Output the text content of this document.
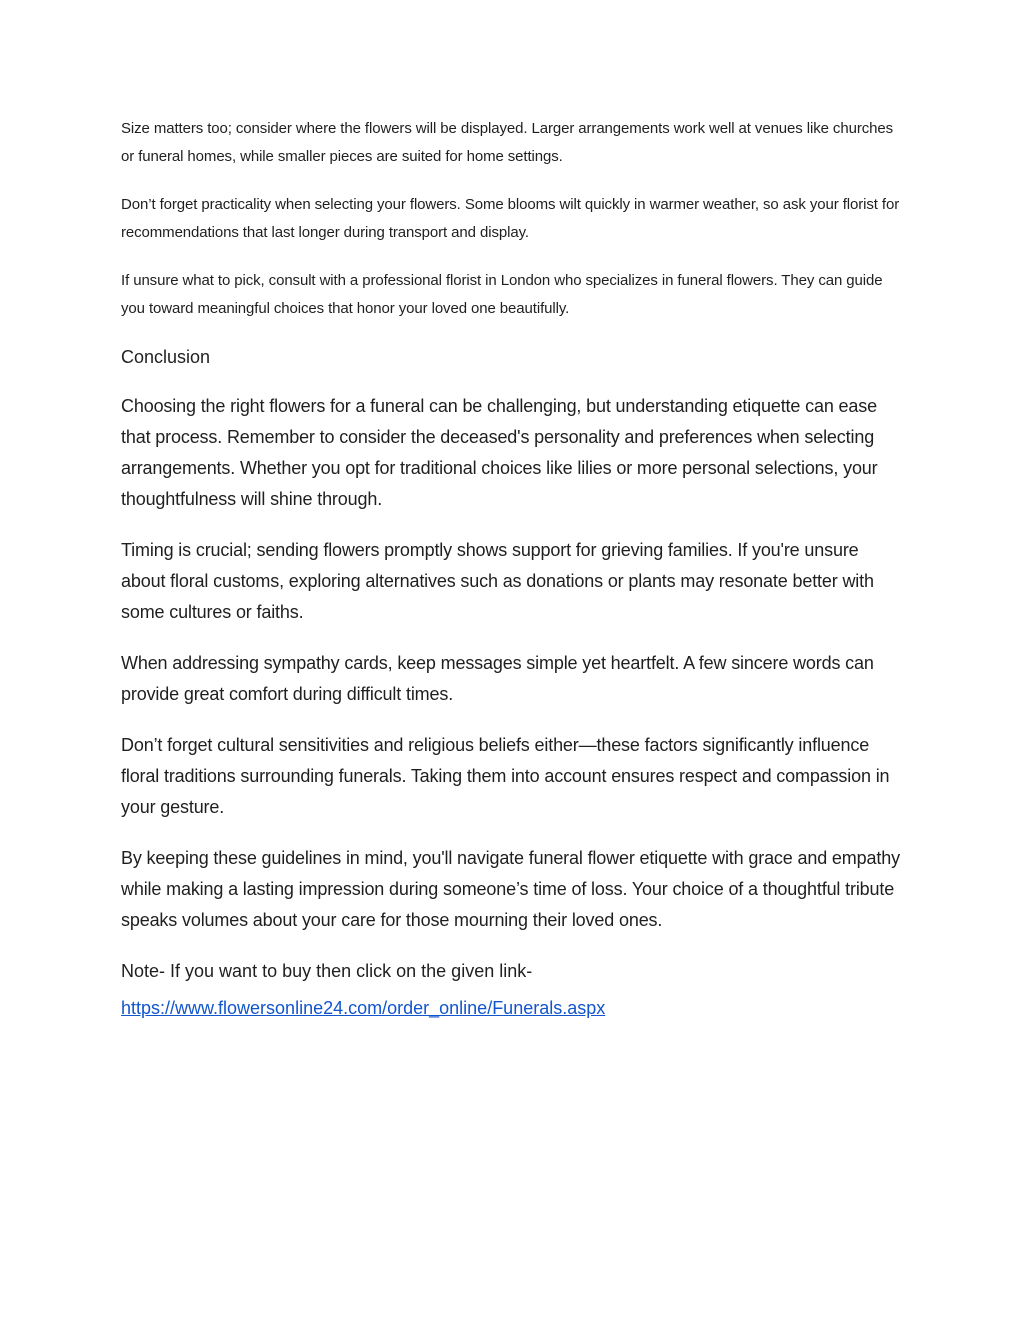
Size matters too; consider where the flowers will be displayed. Larger arrangements work well at venues like churches or funeral homes, while smaller pieces are suited for home settings.

Don’t forget practicality when selecting your flowers. Some blooms wilt quickly in warmer weather, so ask your florist for recommendations that last longer during transport and display.

If unsure what to pick, consult with a professional florist in London who specializes in funeral flowers. They can guide you toward meaningful choices that honor your loved one beautifully.

Conclusion

Choosing the right flowers for a funeral can be challenging, but understanding etiquette can ease that process. Remember to consider the deceased's personality and preferences when selecting arrangements. Whether you opt for traditional choices like lilies or more personal selections, your thoughtfulness will shine through.

Timing is crucial; sending flowers promptly shows support for grieving families. If you're unsure about floral customs, exploring alternatives such as donations or plants may resonate better with some cultures or faiths.

When addressing sympathy cards, keep messages simple yet heartfelt. A few sincere words can provide great comfort during difficult times.

Don’t forget cultural sensitivities and religious beliefs either—these factors significantly influence floral traditions surrounding funerals. Taking them into account ensures respect and compassion in your gesture.

By keeping these guidelines in mind, you'll navigate funeral flower etiquette with grace and empathy while making a lasting impression during someone’s time of loss. Your choice of a thoughtful tribute speaks volumes about your care for those mourning their loved ones.

Note- If you want to buy then click on the given link-

https://www.flowersonline24.com/order_online/Funerals.aspx
